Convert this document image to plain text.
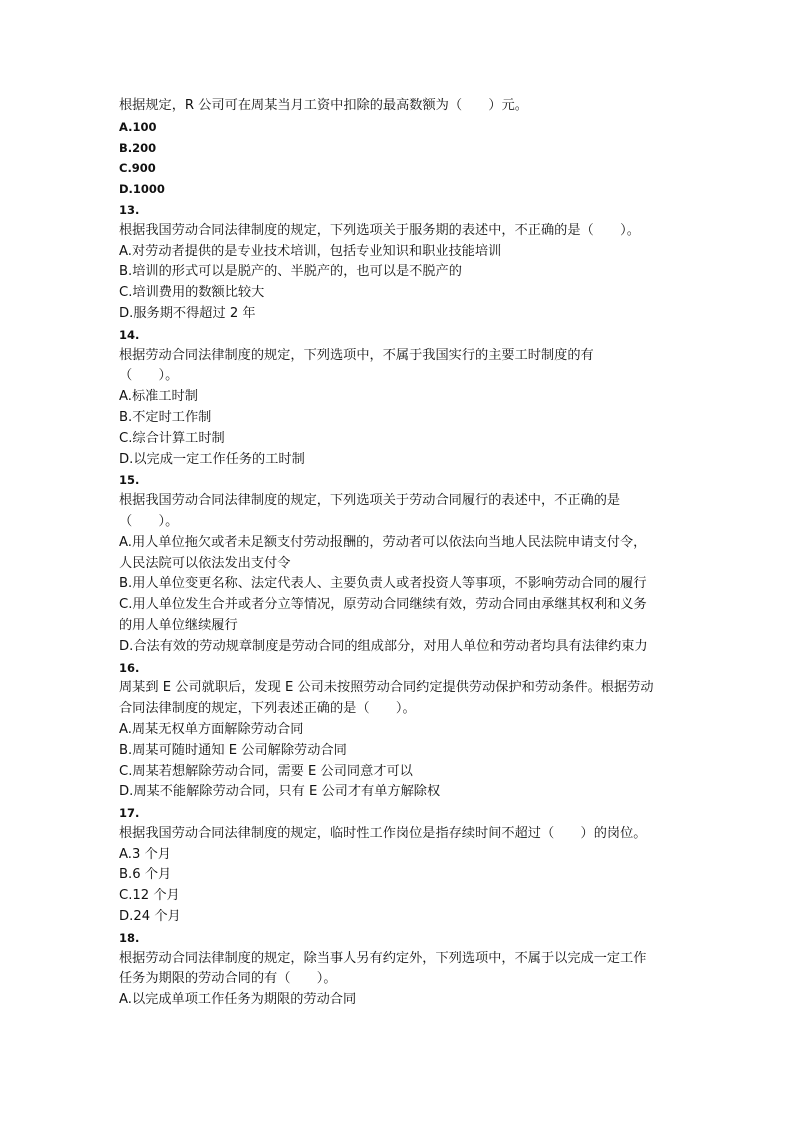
根据规定，R 公司可在周某当月工资中扣除的最高数额为（　　）元。
A.100
B.200
C.900
D.1000
13.
根据我国劳动合同法律制度的规定，下列选项关于服务期的表述中，不正确的是（　　）。
A.对劳动者提供的是专业技术培训，包括专业知识和职业技能培训
B.培训的形式可以是脱产的、半脱产的，也可以是不脱产的
C.培训费用的数额比较大
D.服务期不得超过 2 年
14.
根据劳动合同法律制度的规定，下列选项中，不属于我国实行的主要工时制度的有
（　　）。
A.标准工时制
B.不定时工作制
C.综合计算工时制
D.以完成一定工作任务的工时制
15.
根据我国劳动合同法律制度的规定，下列选项关于劳动合同履行的表述中，不正确的是
（　　）。
A.用人单位拖欠或者未足额支付劳动报酬的，劳动者可以依法向当地人民法院申请支付令，
人民法院可以依法发出支付令
B.用人单位变更名称、法定代表人、主要负责人或者投资人等事项，不影响劳动合同的履行
C.用人单位发生合并或者分立等情况，原劳动合同继续有效，劳动合同由承继其权利和义务
的用人单位继续履行
D.合法有效的劳动规章制度是劳动合同的组成部分，对用人单位和劳动者均具有法律约束力
16.
周某到 E 公司就职后，发现 E 公司未按照劳动合同约定提供劳动保护和劳动条件。根据劳动
合同法律制度的规定，下列表述正确的是（　　）。
A.周某无权单方面解除劳动合同
B.周某可随时通知 E 公司解除劳动合同
C.周某若想解除劳动合同，需要 E 公司同意才可以
D.周某不能解除劳动合同，只有 E 公司才有单方解除权
17.
根据我国劳动合同法律制度的规定，临时性工作岗位是指存续时间不超过（　　）的岗位。
A.3 个月
B.6 个月
C.12 个月
D.24 个月
18.
根据劳动合同法律制度的规定，除当事人另有约定外，下列选项中，不属于以完成一定工作
任务为期限的劳动合同的有（　　）。
A.以完成单项工作任务为期限的劳动合同
